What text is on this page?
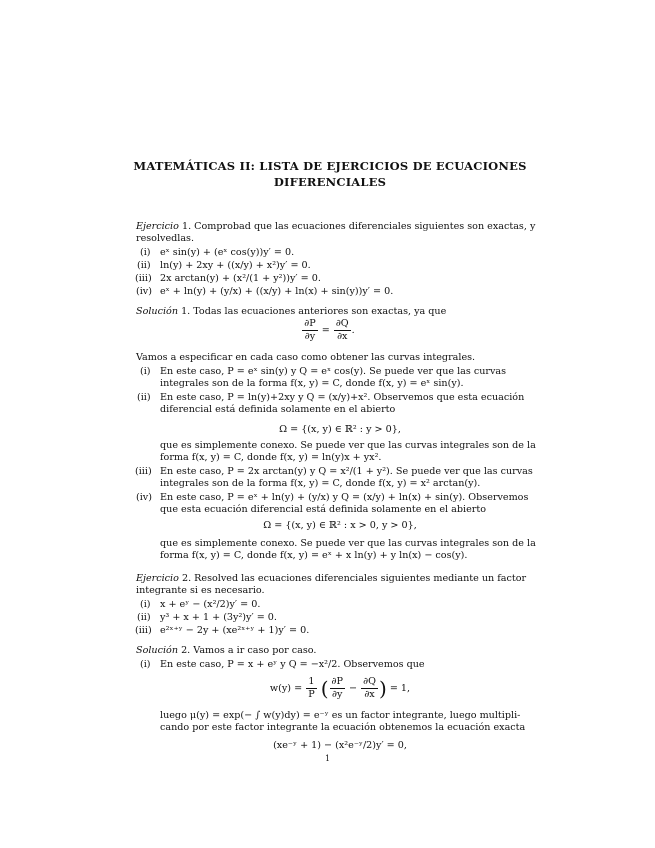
MATEMÁTICAS II: LISTA DE EJERCICIOS DE ECUACIONES
DIFERENCIALES
Ejercicio 1. Comprobad que las ecuaciones diferenciales siguientes son exactas, y
resolvedlas.
(i) eˣ sin(y) + (eˣ cos(y))y′ = 0.
(ii) ln(y) + 2xy + ((x/y) + x²)y′ = 0.
(iii) 2x arctan(y) + (x²/(1 + y²))y′ = 0.
(iv) eˣ + ln(y) + (y/x) + ((x/y) + ln(x) + sin(y))y′ = 0.
Solución 1. Todas las ecuaciones anteriores son exactas, ya que
$\frac{\partial P}{\partial y} = \frac{\partial Q}{\partial x}$ .
Vamos a especificar en cada caso como obtener las curvas integrales.
(i) En este caso, P = eˣ sin(y) y Q = eˣ cos(y). Se puede ver que las curvas
integrales son de la forma f(x, y) = C, donde f(x, y) = eˣ sin(y).
(ii) En este caso, P = ln(y)+2xy y Q = (x/y)+x². Observemos que esta ecuación
diferencial está definida solamente en el abierto
Ω = {(x, y) ∈ ℝ² : y > 0},
que es simplemente conexo. Se puede ver que las curvas integrales son de la
forma f(x, y) = C, donde f(x, y) = ln(y)x + yx².
(iii) En este caso, P = 2x arctan(y) y Q = x²/(1 + y²). Se puede ver que las curvas
integrales son de la forma f(x, y) = C, donde f(x, y) = x² arctan(y).
(iv) En este caso, P = eˣ + ln(y) + (y/x) y Q = (x/y) + ln(x) + sin(y). Observemos
que esta ecuación diferencial está definida solamente en el abierto
Ω = {(x, y) ∈ ℝ² : x > 0, y > 0},
que es simplemente conexo. Se puede ver que las curvas integrales son de la
forma f(x, y) = C, donde f(x, y) = eˣ + x ln(y) + y ln(x) − cos(y).
Ejercicio 2. Resolved las ecuaciones diferenciales siguientes mediante un factor
integrante si es necesario.
(i) x + eʸ − (x²/2)y′ = 0.
(ii) y³ + x + 1 + (3y²)y′ = 0.
(iii) e²ˣ⁺ʸ − 2y + (xe²ˣ⁺ʸ + 1)y′ = 0.
Solución 2. Vamos a ir caso por caso.
(i) En este caso, P = x + eʸ y Q = −x²/2. Observemos que
$w(y) = \frac{1}{P}$ ( $\frac{\partial P}{\partial y} - \frac{\partial Q}{\partial x}$ ) = 1,
luego μ(y) = exp(− ∫ w(y)dy) = e⁻ʸ es un factor integrante, luego multipli-
cando por este factor integrante la ecuación obtenemos la ecuación exacta
(xe⁻ʸ + 1) − (x²e⁻ʸ/2)y′ = 0,
1
